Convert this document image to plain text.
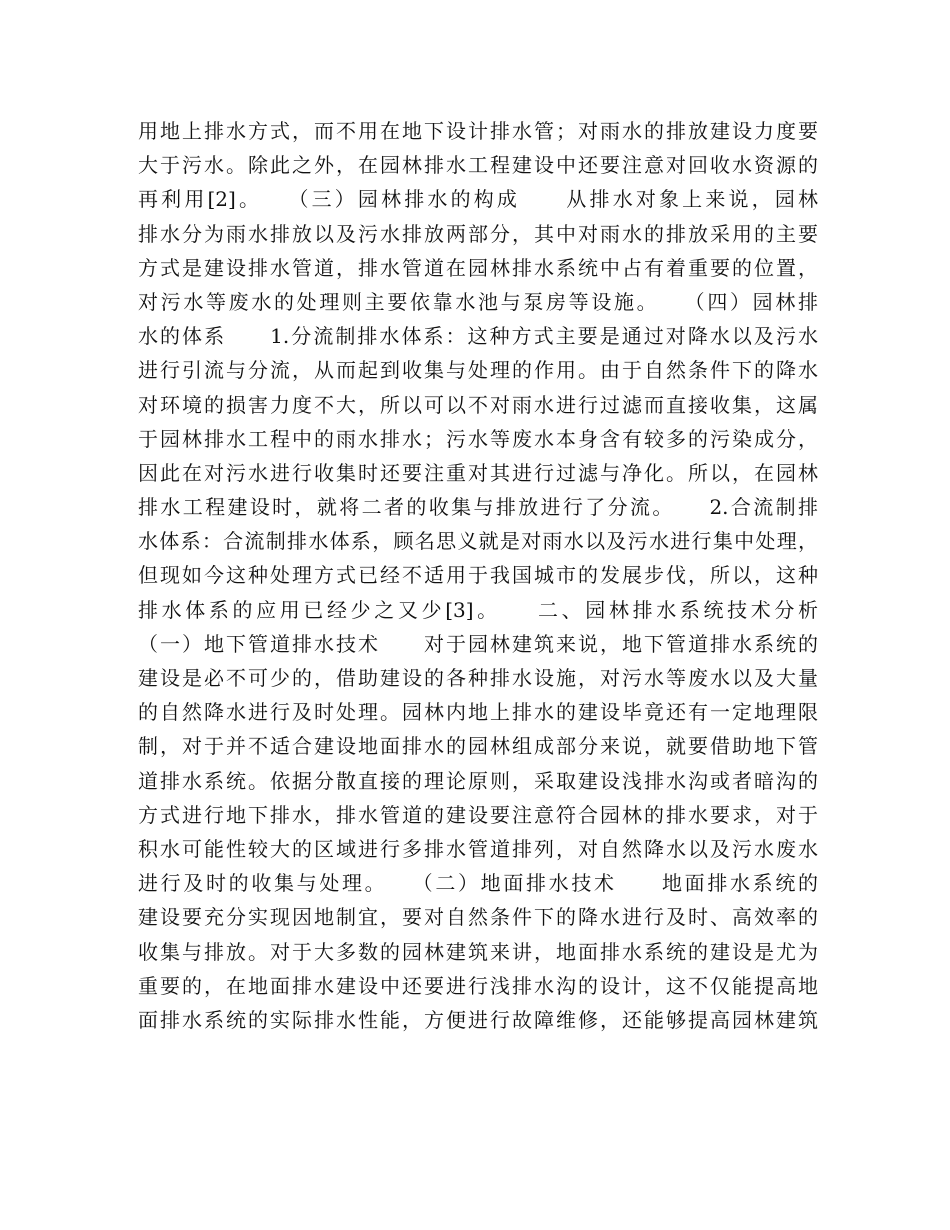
用地上排水方式，而不用在地下设计排水管；对雨水的排放建设力度要
大于污水。除此之外，在园林排水工程建设中还要注意对回收水资源的
再利用[2]。　　（三）园林排水的构成　　从排水对象上来说，园林
排水分为雨水排放以及污水排放两部分，其中对雨水的排放采用的主要
方式是建设排水管道，排水管道在园林排水系统中占有着重要的位置，
对污水等废水的处理则主要依靠水池与泵房等设施。　　（四）园林排
水的体系　　1.分流制排水体系：这种方式主要是通过对降水以及污水
进行引流与分流，从而起到收集与处理的作用。由于自然条件下的降水
对环境的损害力度不大，所以可以不对雨水进行过滤而直接收集，这属
于园林排水工程中的雨水排水；污水等废水本身含有较多的污染成分，
因此在对污水进行收集时还要注重对其进行过滤与净化。所以，在园林
排水工程建设时，就将二者的收集与排放进行了分流。　　2.合流制排
水体系：合流制排水体系，顾名思义就是对雨水以及污水进行集中处理，
但现如今这种处理方式已经不适用于我国城市的发展步伐，所以，这种
排水体系的应用已经少之又少[3]。　　二、园林排水系统技术分析
（一）地下管道排水技术　　对于园林建筑来说，地下管道排水系统的
建设是必不可少的，借助建设的各种排水设施，对污水等废水以及大量
的自然降水进行及时处理。园林内地上排水的建设毕竟还有一定地理限
制，对于并不适合建设地面排水的园林组成部分来说，就要借助地下管
道排水系统。依据分散直接的理论原则，采取建设浅排水沟或者暗沟的
方式进行地下排水，排水管道的建设要注意符合园林的排水要求，对于
积水可能性较大的区域进行多排水管道排列，对自然降水以及污水废水
进行及时的收集与处理。　　（二）地面排水技术　　地面排水系统的
建设要充分实现因地制宜，要对自然条件下的降水进行及时、高效率的
收集与排放。对于大多数的园林建筑来讲，地面排水系统的建设是尤为
重要的，在地面排水建设中还要进行浅排水沟的设计，这不仅能提高地
面排水系统的实际排水性能，方便进行故障维修，还能够提高园林建筑
